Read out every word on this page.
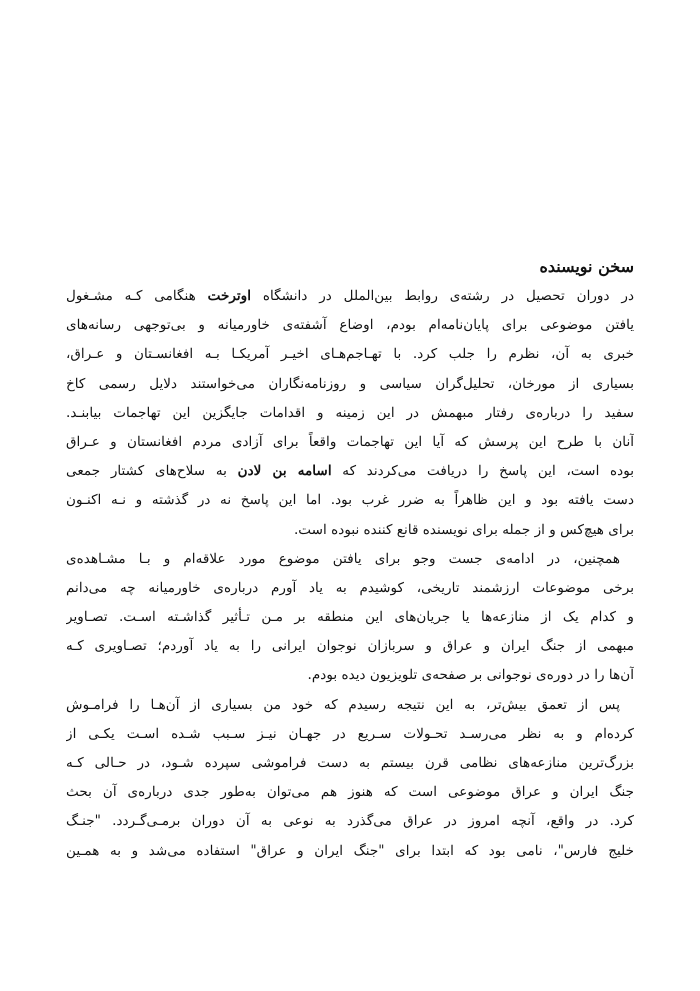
سخن نویسنده
در دوران تحصیل در رشته‌ی روابط بین‌الملل در دانشگاه اوترخت هنگامی کـه مشـغول
یافتن موضوعی برای پایان‌نامه‌ام بودم، اوضاع آشفته‌ی خاورمیانه و بی‌توجهی رسانه‌های
خبری به آن، نظرم را جلب کرد. با تهـاجم‌هـای اخیـر آمریکـا بـه افغانسـتان و عـراق،
بسیاری از مورخان، تحلیل‌گران سیاسی و روزنامه‌نگاران می‌خواستند دلایل رسمی کاخ
سفید را درباره‌ی رفتار مبهمش در این زمینه و اقدامات جایگزین این تهاجمات بیابنـد.
آنان با طرح این پرسش که آیا این تهاجمات واقعاً برای آزادی مردم افغانستان و عـراق
بوده است، این پاسخ را دریافت می‌کردند که اسامه بن لادن به سلاح‌های کشتار جمعی
دست یافته بود و این ظاهراً به ضرر غرب بود. اما این پاسخ نه در گذشته و نـه اکنـون
برای هیچ‌کس و از جمله برای نویسنده قانع کننده نبوده است.
همچنین، در ادامه‌ی جست وجو برای یافتن موضوع مورد علاقه‌ام و بـا مشـاهده‌ی
برخی موضوعات ارزشمند تاریخی، کوشیدم به یاد آورم درباره‌ی خاورمیانه چه می‌دانم
و کدام یک از منازعه‌ها یا جریان‌های این منطقه بر مـن تـأثیر گذاشـته اسـت. تصـاویر
مبهمی از جنگ ایران و عراق و سربازان نوجوان ایرانی را به یاد آوردم؛ تصـاویری کـه
آن‌ها را در دوره‌ی نوجوانی بر صفحه‌ی تلویزیون دیده بودم.
پس از تعمق بیش‌تر، به این نتیجه رسیدم که خود من بسیاری از آن‌هـا را فرامـوش
کرده‌ام و به نظر می‌رسـد تحـولات سـریع در جهـان نیـز سـبب شـده اسـت یکـی از
بزرگ‌ترین منازعه‌های نظامی قرن بیستم به دست فراموشی سپرده شـود، در حـالی کـه
جنگ ایران و عراق موضوعی است که هنوز هم می‌توان به‌طور جدی درباره‌ی آن بحث
کرد. در واقع، آنچه امروز در عراق می‌گذرد به نوعی به آن دوران برمـی‌گـردد. "جنـگ
خلیج فارس"، نامی بود که ابتدا برای "جنگ ایران و عراق" استفاده می‌شد و به همـین
